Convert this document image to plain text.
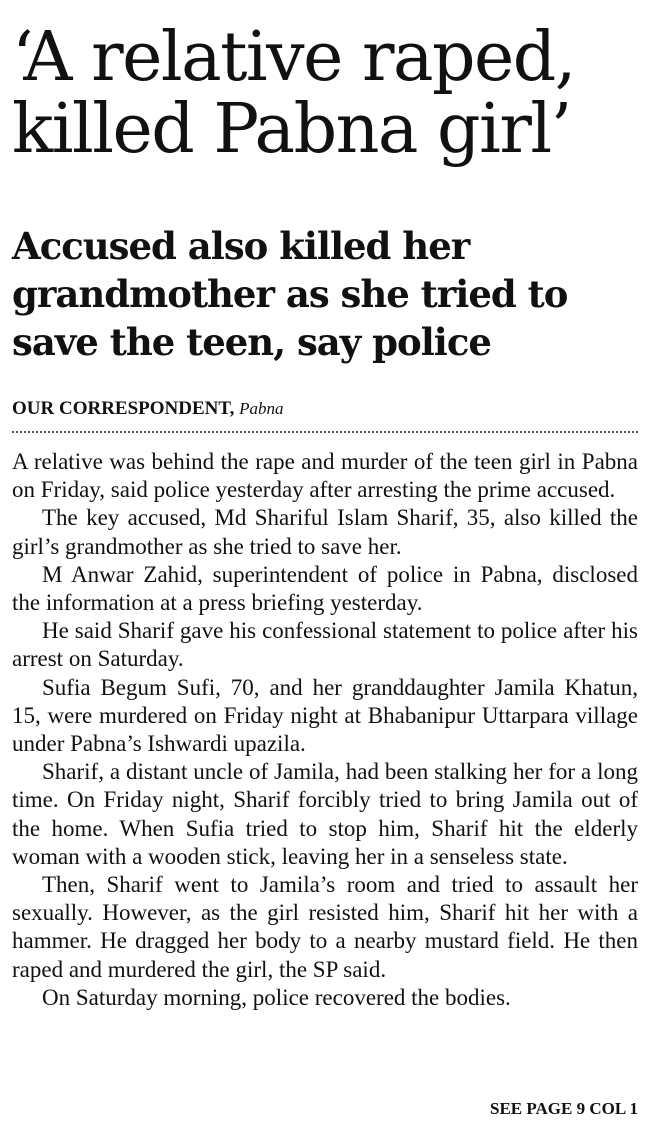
‘A relative raped,
killed Pabna girl’
Accused also killed her
grandmother as she tried to
save the teen, say police
OUR CORRESPONDENT, Pabna

A relative was behind the rape and murder of the teen girl in Pabna on Friday, said police yesterday after arresting the prime accused.

The key accused, Md Shariful Islam Sharif, 35, also killed the girl’s grandmother as she tried to save her.

M Anwar Zahid, superintendent of police in Pabna, disclosed the information at a press briefing yesterday.

He said Sharif gave his confessional statement to police after his arrest on Saturday.

Sufia Begum Sufi, 70, and her granddaughter Jamila Khatun, 15, were murdered on Friday night at Bhabanipur Uttarpara village under Pabna’s Ishwardi upazila.

Sharif, a distant uncle of Jamila, had been stalking her for a long time. On Friday night, Sharif forcibly tried to bring Jamila out of the home. When Sufia tried to stop him, Sharif hit the elderly woman with a wooden stick, leaving her in a senseless state.

Then, Sharif went to Jamila’s room and tried to assault her sexually. However, as the girl resisted him, Sharif hit her with a hammer. He dragged her body to a nearby mustard field. He then raped and murdered the girl, the SP said.

On Saturday morning, police recovered the bodies.

SEE PAGE 9 COL 1
